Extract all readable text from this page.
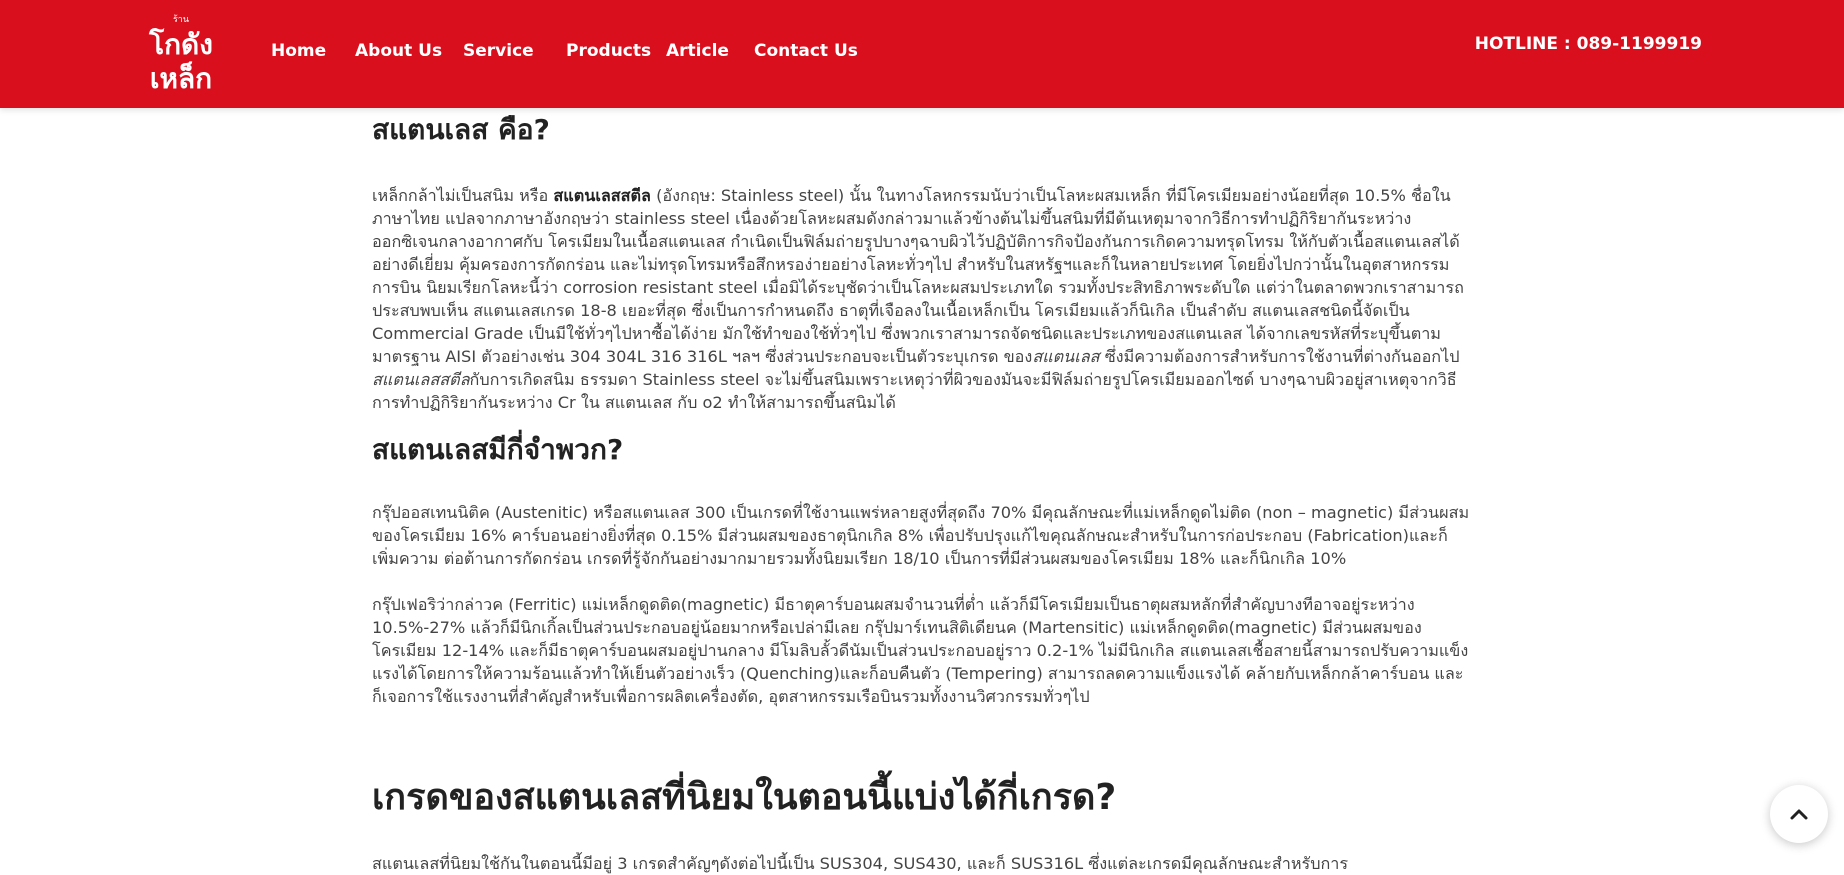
ร้าน
โกดัง
เหล็ก
Home About Us Service Products Article Contact Us	HOTLINE : 089-1199919
สแตนเลส คือ?

เหล็กกล้าไม่เป็นสนิม หรือ สแตนเลสสตีล (อังกฤษ: Stainless steel) นั้น ในทางโลหกรรมนับว่าเป็นโลหะผสมเหล็ก ที่มีโครเมียมอย่างน้อยที่สุด 10.5% ชื่อในภาษาไทย แปลจากภาษาอังกฤษว่า stainless steel เนื่องด้วยโลหะผสมดังกล่าวมาแล้วข้างต้นไม่ขึ้นสนิมที่มีต้นเหตุมาจากวิธีการทำปฏิกิริยากันระหว่าง ออกซิเจนกลางอากาศกับ โครเมียมในเนื้อสแตนเลส กำเนิดเป็นฟิล์มถ่ายรูปบางๆฉาบผิวไว้ปฏิบัติการกิจป้องกันการเกิดความทรุดโทรม ให้กับตัวเนื้อสแตนเลสได้อย่างดีเยี่ยม คุ้มครองการกัดกร่อน และไม่ทรุดโทรมหรือสึกหรอง่ายอย่างโลหะทั่วๆไป สำหรับในสหรัฐฯและก็ในหลายประเทศ โดยยิ่งไปกว่านั้นในอุตสาหกรรมการบิน นิยมเรียกโลหะนี้ว่า corrosion resistant steel เมื่อมิได้ระบุชัดว่าเป็นโลหะผสมประเภทใด รวมทั้งประสิทธิภาพระดับใด แต่ว่าในตลาดพวกเราสามารถประสบพบเห็น สแตนเลสเกรด 18-8 เยอะที่สุด ซึ่งเป็นการกำหนดถึง ธาตุที่เจือลงในเนื้อเหล็กเป็น โครเมียมแล้วก็นิเกิล เป็นลำดับ สแตนเลสชนิดนี้จัดเป็น Commercial Grade เป็นมีใช้ทั่วๆไปหาซื้อได้ง่าย มักใช้ทำของใช้ทั่วๆไป ซึ่งพวกเราสามารถจัดชนิดและประเภทของสแตนเลส ได้จากเลขรหัสที่ระบุขึ้นตามมาตรฐาน AISI ตัวอย่างเช่น 304 304L 316 316L ฯลฯ ซึ่งส่วนประกอบจะเป็นตัวระบุเกรด ของสแตนเลส ซึ่งมีความต้องการสำหรับการใช้งานที่ต่างกันออกไป สแตนเลสสตีลกับการเกิดสนิม ธรรมดา Stainless steel จะไม่ขึ้นสนิมเพราะเหตุว่าที่ผิวของมันจะมีฟิล์มถ่ายรูปโครเมียมออกไซด์ บางๆฉาบผิวอยู่สาเหตุจากวิธีการทำปฏิกิริยากันระหว่าง Cr ใน สแตนเลส กับ o2 ทำให้สามารถขึ้นสนิมได้

สแตนเลสมีกี่จำพวก?

กรุ๊ปออสเทนนิติค (Austenitic) หรือสแตนเลส 300 เป็นเกรดที่ใช้งานแพร่หลายสูงที่สุดถึง 70% มีคุณลักษณะที่แม่เหล็กดูดไม่ติด (non – magnetic) มีส่วนผสมของโครเมียม 16% คาร์บอนอย่างยิ่งที่สุด 0.15% มีส่วนผสมของธาตุนิกเกิล 8% เพื่อปรับปรุงแก้ไขคุณลักษณะสำหรับในการก่อประกอบ (Fabrication)และก็เพิ่มความ ต่อต้านการกัดกร่อน เกรดที่รู้จักกันอย่างมากมายรวมทั้งนิยมเรียก 18/10 เป็นการที่มีส่วนผสมของโครเมียม 18% และก็นิกเกิล 10%

กรุ๊ปเฟอริว่ากล่าวค (Ferritic) แม่เหล็กดูดติด(magnetic) มีธาตุคาร์บอนผสมจำนวนที่ต่ำ แล้วก็มีโครเมียมเป็นธาตุผสมหลักที่สำคัญบางทีอาจอยู่ระหว่าง 10.5%-27% แล้วก็มีนิกเกิ้ลเป็นส่วนประกอบอยู่น้อยมากหรือเปล่ามีเลย กรุ๊ปมาร์เทนสิติเดียนค (Martensitic) แม่เหล็กดูดติด(magnetic) มีส่วนผสมของโครเมียม 12-14% และก็มีธาตุคาร์บอนผสมอยู่ปานกลาง มีโมลิบลั้วดีนัมเป็นส่วนประกอบอยู่ราว 0.2-1% ไม่มีนิกเกิล สแตนเลสเชื้อสายนี้สามารถปรับความแข็งแรงได้โดยการให้ความร้อนแล้วทำให้เย็นตัวอย่างเร็ว (Quenching)และก็อบคืนตัว (Tempering) สามารถลดความแข็งแรงได้ คล้ายกับเหล็กกล้าคาร์บอน และก็เจอการใช้แรงงานที่สำคัญสำหรับเพื่อการผลิตเครื่องตัด, อุตสาหกรรมเรือบินรวมทั้งงานวิศวกรรมทั่วๆไป

เกรดของสแตนเลสที่นิยมในตอนนี้แบ่งได้กี่เกรด?

สแตนเลสที่นิยมใช้กันในตอนนี้มีอยู่ 3 เกรดสำคัญๆดังต่อไปนี้เป็น SUS304, SUS430, และก็ SUS316L ซึ่งแต่ละเกรดมีคุณลักษณะสำหรับการ
